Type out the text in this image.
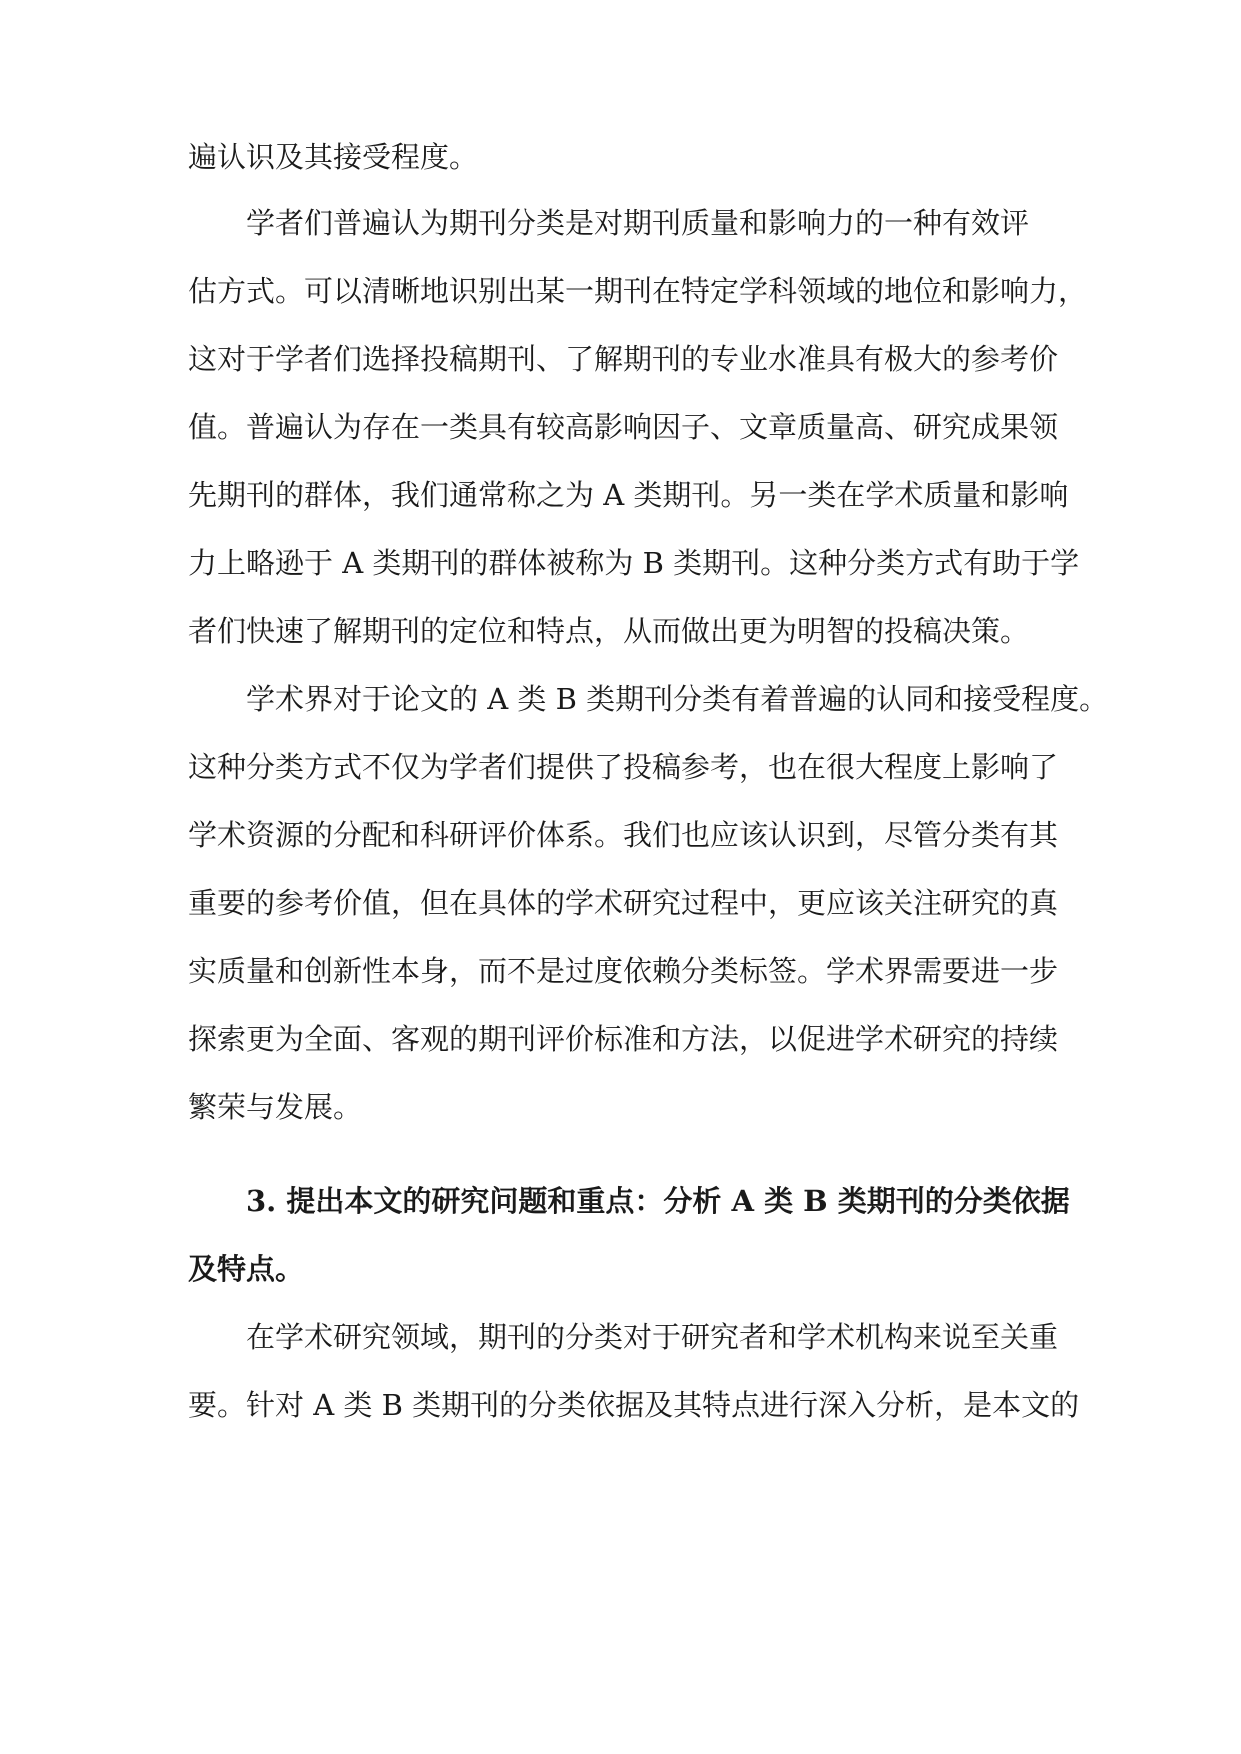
遍认识及其接受程度。
学者们普遍认为期刊分类是对期刊质量和影响力的一种有效评
估方式。可以清晰地识别出某一期刊在特定学科领域的地位和影响力，
这对于学者们选择投稿期刊、了解期刊的专业水准具有极大的参考价
值。普遍认为存在一类具有较高影响因子、文章质量高、研究成果领
先期刊的群体，我们通常称之为 A 类期刊。另一类在学术质量和影响
力上略逊于 A 类期刊的群体被称为 B 类期刊。这种分类方式有助于学
者们快速了解期刊的定位和特点，从而做出更为明智的投稿决策。
学术界对于论文的 A 类 B 类期刊分类有着普遍的认同和接受程度。
这种分类方式不仅为学者们提供了投稿参考，也在很大程度上影响了
学术资源的分配和科研评价体系。我们也应该认识到，尽管分类有其
重要的参考价值，但在具体的学术研究过程中，更应该关注研究的真
实质量和创新性本身，而不是过度依赖分类标签。学术界需要进一步
探索更为全面、客观的期刊评价标准和方法，以促进学术研究的持续
繁荣与发展。
3. 提出本文的研究问题和重点：分析 A 类 B 类期刊的分类依据
及特点。
在学术研究领域，期刊的分类对于研究者和学术机构来说至关重
要。针对 A 类 B 类期刊的分类依据及其特点进行深入分析，是本文的
